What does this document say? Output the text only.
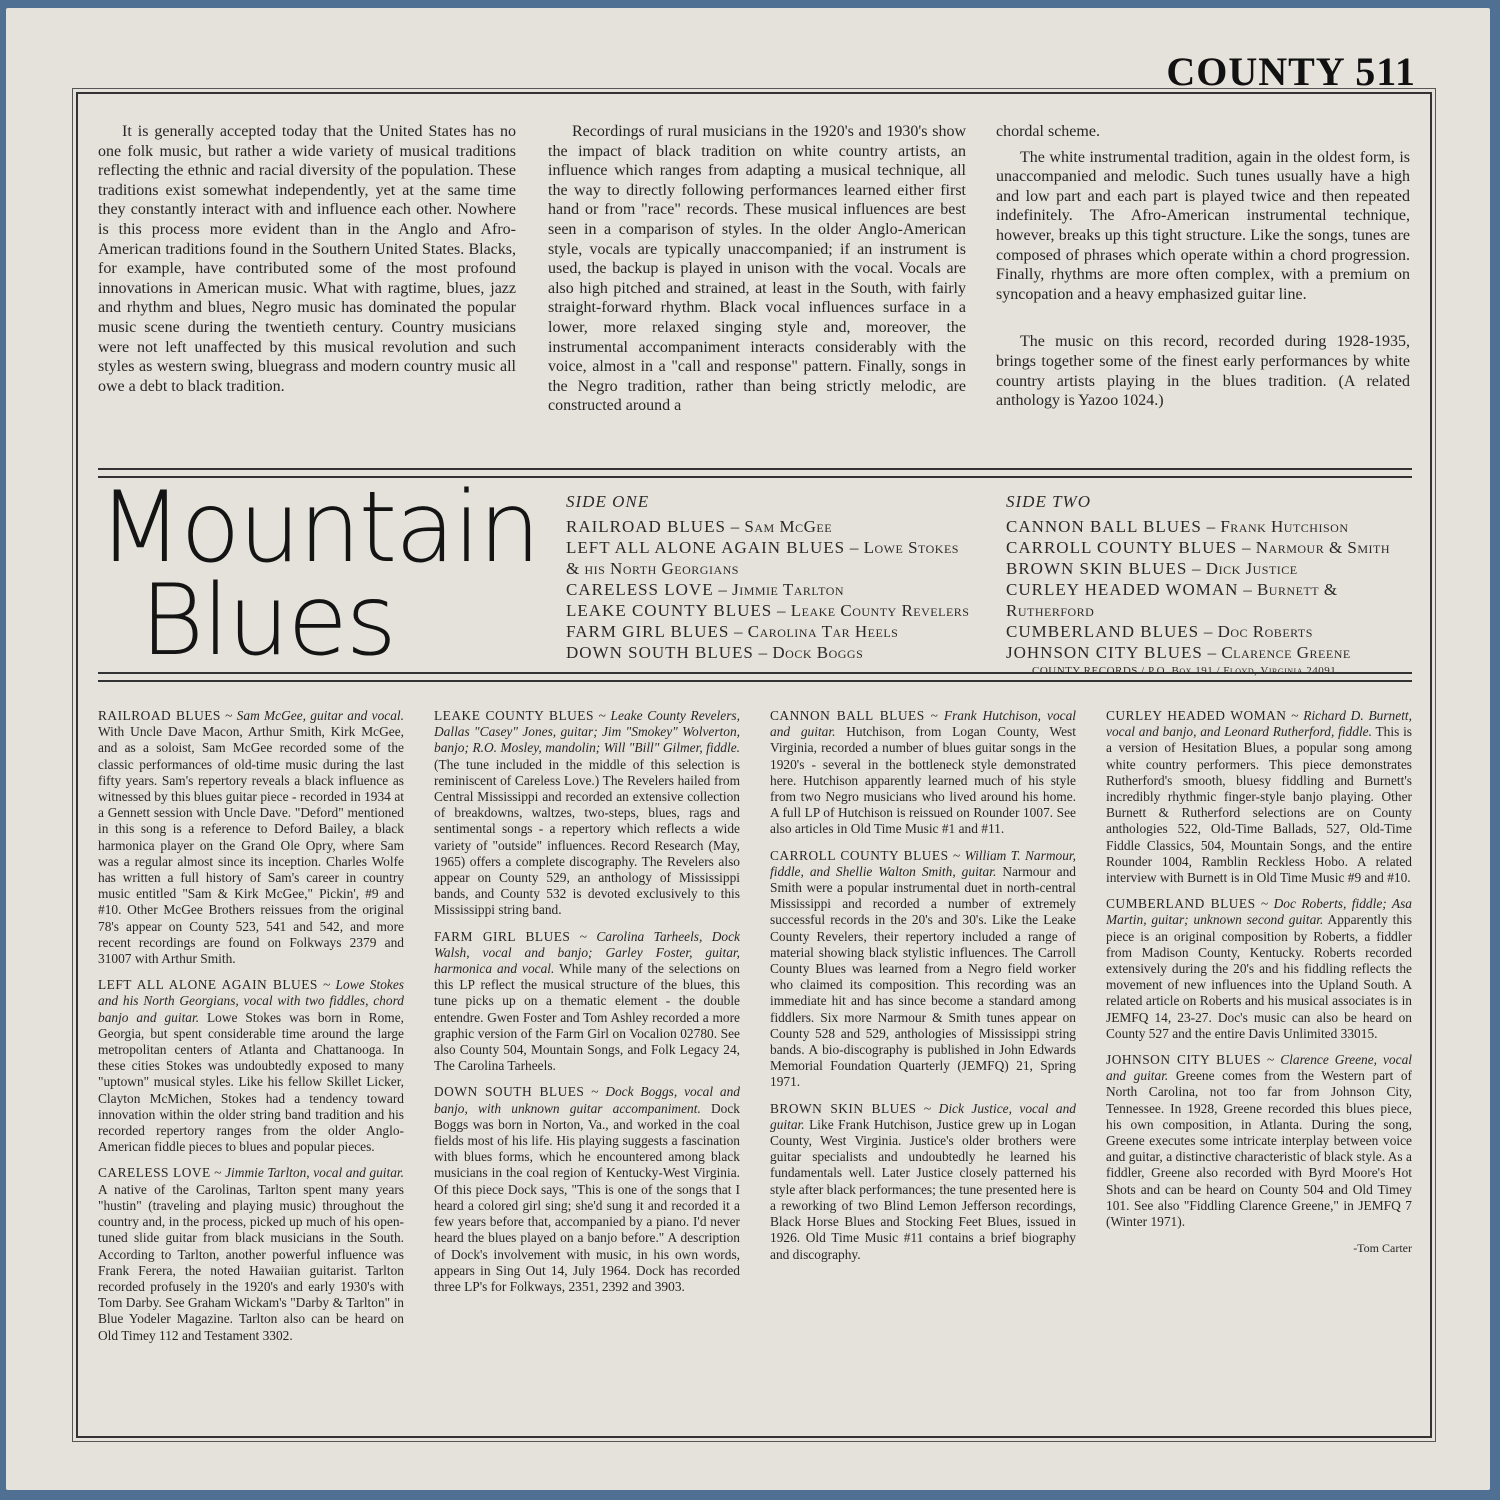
COUNTY 511

It is generally accepted today that the United States has no one folk music, but rather a wide variety of musical traditions reflecting the ethnic and racial diversity of the population. These traditions exist somewhat independently, yet at the same time they constantly interact with and influence each other. Nowhere is this process more evident than in the Anglo and Afro-American traditions found in the Southern United States. Blacks, for example, have contributed some of the most profound innovations in American music. What with ragtime, blues, jazz and rhythm and blues, Negro music has dominated the popular music scene during the twentieth century. Country musicians were not left unaffected by this musical revolution and such styles as western swing, bluegrass and modern country music all owe a debt to black tradition.

Recordings of rural musicians in the 1920's and 1930's show the impact of black tradition on white country artists, an influence which ranges from adapting a musical technique, all the way to directly following performances learned either first hand or from "race" records. These musical influences are best seen in a comparison of styles. In the older Anglo-American style, vocals are typically unaccompanied; if an instrument is used, the backup is played in unison with the vocal. Vocals are also high pitched and strained, at least in the South, with fairly straight-forward rhythm. Black vocal influences surface in a lower, more relaxed singing style and, moreover, the instrumental accompaniment interacts considerably with the voice, almost in a "call and response" pattern. Finally, songs in the Negro tradition, rather than being strictly melodic, are constructed around a

chordal scheme.

The white instrumental tradition, again in the oldest form, is unaccompanied and melodic. Such tunes usually have a high and low part and each part is played twice and then repeated indefinitely. The Afro-American instrumental technique, however, breaks up this tight structure. Like the songs, tunes are composed of phrases which operate within a chord progression. Finally, rhythms are more often complex, with a premium on syncopation and a heavy emphasized guitar line.

The music on this record, recorded during 1928-1935, brings together some of the finest early performances by white country artists playing in the blues tradition. (A related anthology is Yazoo 1024.)

Mountain
Blues
SIDE ONE
RAILROAD BLUES – Sam McGee
LEFT ALL ALONE AGAIN BLUES – Lowe Stokes & his North Georgians
CARELESS LOVE – Jimmie Tarlton
LEAKE COUNTY BLUES – Leake County Revelers
FARM GIRL BLUES – Carolina Tar Heels
DOWN SOUTH BLUES – Dock Boggs
SIDE TWO
CANNON BALL BLUES – Frank Hutchison
CARROLL COUNTY BLUES – Narmour & Smith
BROWN SKIN BLUES – Dick Justice
CURLEY HEADED WOMAN – Burnett & Rutherford
CUMBERLAND BLUES – Doc Roberts
JOHNSON CITY BLUES – Clarence Greene
COUNTY RECORDS / P.O. Box 191 / Floyd, Virginia 24091

RAILROAD BLUES ~ Sam McGee, guitar and vocal. With Uncle Dave Macon, Arthur Smith, Kirk McGee, and as a soloist, Sam McGee recorded some of the classic performances of old-time music during the last fifty years. Sam's repertory reveals a black influence as witnessed by this blues guitar piece - recorded in 1934 at a Gennett session with Uncle Dave. "Deford" mentioned in this song is a reference to Deford Bailey, a black harmonica player on the Grand Ole Opry, where Sam was a regular almost since its inception. Charles Wolfe has written a full history of Sam's career in country music entitled "Sam & Kirk McGee," Pickin', #9 and #10. Other McGee Brothers reissues from the original 78's appear on County 523, 541 and 542, and more recent recordings are found on Folkways 2379 and 31007 with Arthur Smith.

LEFT ALL ALONE AGAIN BLUES ~ Lowe Stokes and his North Georgians, vocal with two fiddles, chord banjo and guitar. Lowe Stokes was born in Rome, Georgia, but spent considerable time around the large metropolitan centers of Atlanta and Chattanooga. In these cities Stokes was undoubtedly exposed to many "uptown" musical styles. Like his fellow Skillet Licker, Clayton McMichen, Stokes had a tendency toward innovation within the older string band tradition and his recorded repertory ranges from the older Anglo-American fiddle pieces to blues and popular pieces.

CARELESS LOVE ~ Jimmie Tarlton, vocal and guitar. A native of the Carolinas, Tarlton spent many years "hustin" (traveling and playing music) throughout the country and, in the process, picked up much of his open-tuned slide guitar from black musicians in the South. According to Tarlton, another powerful influence was Frank Ferera, the noted Hawaiian guitarist. Tarlton recorded profusely in the 1920's and early 1930's with Tom Darby. See Graham Wickam's "Darby & Tarlton" in Blue Yodeler Magazine. Tarlton also can be heard on Old Timey 112 and Testament 3302.

LEAKE COUNTY BLUES ~ Leake County Revelers, Dallas "Casey" Jones, guitar; Jim "Smokey" Wolverton, banjo; R.O. Mosley, mandolin; Will "Bill" Gilmer, fiddle. (The tune included in the middle of this selection is reminiscent of Careless Love.) The Revelers hailed from Central Mississippi and recorded an extensive collection of breakdowns, waltzes, two-steps, blues, rags and sentimental songs - a repertory which reflects a wide variety of "outside" influences. Record Research (May, 1965) offers a complete discography. The Revelers also appear on County 529, an anthology of Mississippi bands, and County 532 is devoted exclusively to this Mississippi string band.

FARM GIRL BLUES ~ Carolina Tarheels, Dock Walsh, vocal and banjo; Garley Foster, guitar, harmonica and vocal. While many of the selections on this LP reflect the musical structure of the blues, this tune picks up on a thematic element - the double entendre. Gwen Foster and Tom Ashley recorded a more graphic version of the Farm Girl on Vocalion 02780. See also County 504, Mountain Songs, and Folk Legacy 24, The Carolina Tarheels.

DOWN SOUTH BLUES ~ Dock Boggs, vocal and banjo, with unknown guitar accompaniment. Dock Boggs was born in Norton, Va., and worked in the coal fields most of his life. His playing suggests a fascination with blues forms, which he encountered among black musicians in the coal region of Kentucky-West Virginia. Of this piece Dock says, "This is one of the songs that I heard a colored girl sing; she'd sung it and recorded it a few years before that, accompanied by a piano. I'd never heard the blues played on a banjo before." A description of Dock's involvement with music, in his own words, appears in Sing Out 14, July 1964. Dock has recorded three LP's for Folkways, 2351, 2392 and 3903.

CANNON BALL BLUES ~ Frank Hutchison, vocal and guitar. Hutchison, from Logan County, West Virginia, recorded a number of blues guitar songs in the 1920's - several in the bottleneck style demonstrated here. Hutchison apparently learned much of his style from two Negro musicians who lived around his home. A full LP of Hutchison is reissued on Rounder 1007. See also articles in Old Time Music #1 and #11.

CARROLL COUNTY BLUES ~ William T. Narmour, fiddle, and Shellie Walton Smith, guitar. Narmour and Smith were a popular instrumental duet in north-central Mississippi and recorded a number of extremely successful records in the 20's and 30's. Like the Leake County Revelers, their repertory included a range of material showing black stylistic influences. The Carroll County Blues was learned from a Negro field worker who claimed its composition. This recording was an immediate hit and has since become a standard among fiddlers. Six more Narmour & Smith tunes appear on County 528 and 529, anthologies of Mississippi string bands. A bio-discography is published in John Edwards Memorial Foundation Quarterly (JEMFQ) 21, Spring 1971.

BROWN SKIN BLUES ~ Dick Justice, vocal and guitar. Like Frank Hutchison, Justice grew up in Logan County, West Virginia. Justice's older brothers were guitar specialists and undoubtedly he learned his fundamentals well. Later Justice closely patterned his style after black performances; the tune presented here is a reworking of two Blind Lemon Jefferson recordings, Black Horse Blues and Stocking Feet Blues, issued in 1926. Old Time Music #11 contains a brief biography and discography.

CURLEY HEADED WOMAN ~ Richard D. Burnett, vocal and banjo, and Leonard Rutherford, fiddle. This is a version of Hesitation Blues, a popular song among white country performers. This piece demonstrates Rutherford's smooth, bluesy fiddling and Burnett's incredibly rhythmic finger-style banjo playing. Other Burnett & Rutherford selections are on County anthologies 522, Old-Time Ballads, 527, Old-Time Fiddle Classics, 504, Mountain Songs, and the entire Rounder 1004, Ramblin Reckless Hobo. A related interview with Burnett is in Old Time Music #9 and #10.

CUMBERLAND BLUES ~ Doc Roberts, fiddle; Asa Martin, guitar; unknown second guitar. Apparently this piece is an original composition by Roberts, a fiddler from Madison County, Kentucky. Roberts recorded extensively during the 20's and his fiddling reflects the movement of new influences into the Upland South. A related article on Roberts and his musical associates is in JEMFQ 14, 23-27. Doc's music can also be heard on County 527 and the entire Davis Unlimited 33015.

JOHNSON CITY BLUES ~ Clarence Greene, vocal and guitar. Greene comes from the Western part of North Carolina, not too far from Johnson City, Tennessee. In 1928, Greene recorded this blues piece, his own composition, in Atlanta. During the song, Greene executes some intricate interplay between voice and guitar, a distinctive characteristic of black style. As a fiddler, Greene also recorded with Byrd Moore's Hot Shots and can be heard on County 504 and Old Timey 101. See also "Fiddling Clarence Greene," in JEMFQ 7 (Winter 1971).

-Tom Carter
